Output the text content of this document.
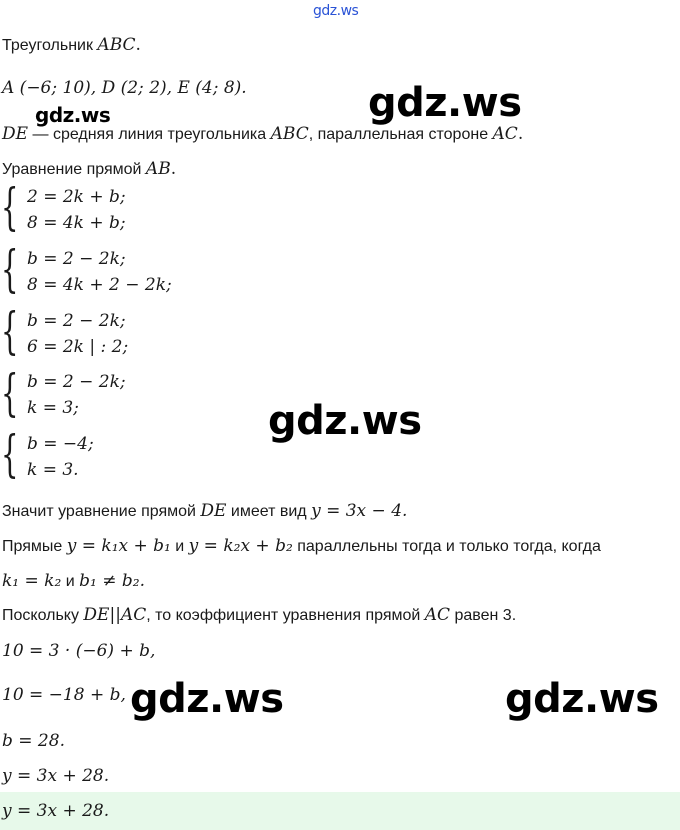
gdz.ws
Треугольник ABC.
A (−6; 10), D (2; 2), E (4; 8).
gdz.ws	gdz.ws
DE — средняя линия треугольника ABC, параллельная стороне AC.
Уравнение прямой AB.
{ 2 = 2k + b;
8 = 4k + b;
{ b = 2 − 2k;
8 = 4k + 2 − 2k;
{ b = 2 − 2k;
6 = 2k | : 2;
{ b = 2 − 2k;
k = 3;	gdz.ws
{ b = −4;
k = 3.
Значит уравнение прямой DE имеет вид y = 3x − 4.
Прямые y = k₁x + b₁ и y = k₂x + b₂ параллельны тогда и только тогда, когда
k₁ = k₂ и b₁ ≠ b₂.
Поскольку DE||AC, то коэффициент уравнения прямой AC равен 3.
10 = 3 · (−6) + b,
10 = −18 + b, gdz.ws	gdz.ws
b = 28.
y = 3x + 28.
y = 3x + 28.
